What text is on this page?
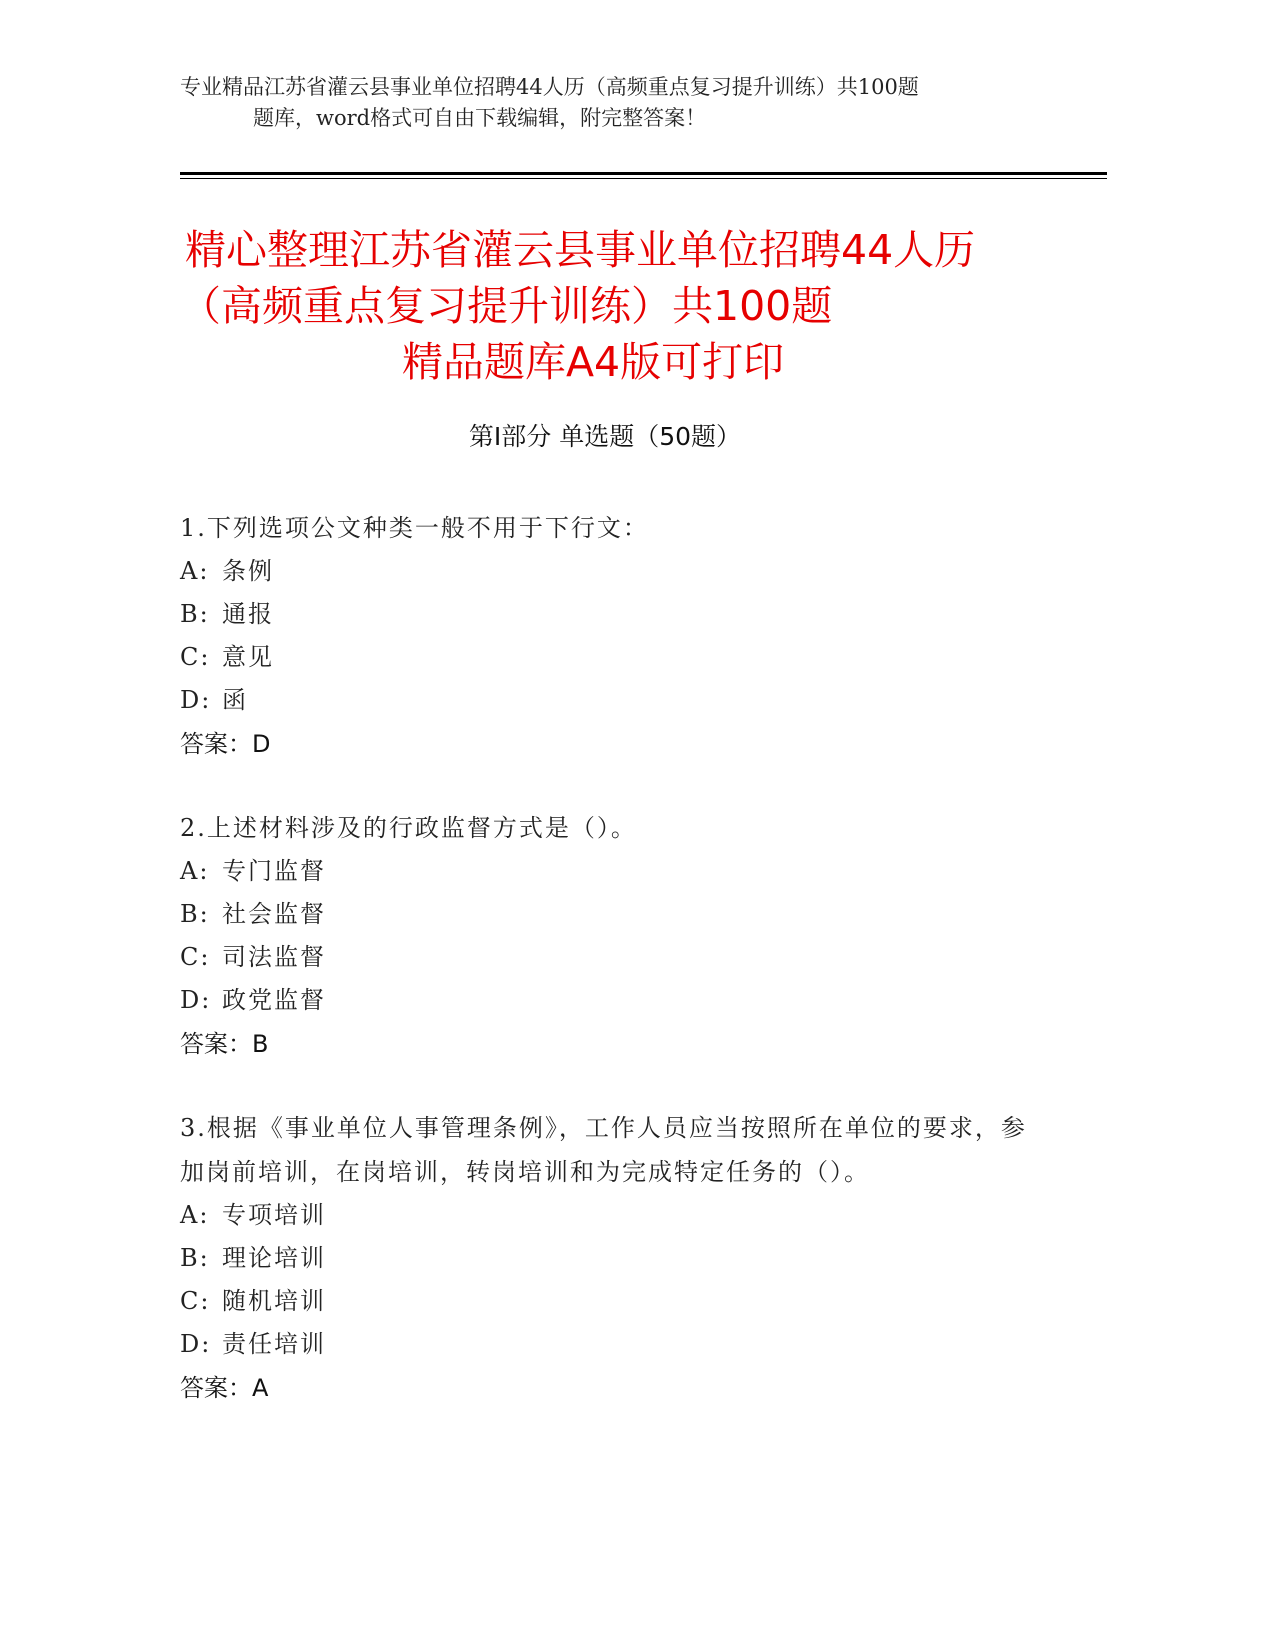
专业精品江苏省灌云县事业单位招聘44人历（高频重点复习提升训练）共100题
题库，word格式可自由下载编辑，附完整答案！
精心整理江苏省灌云县事业单位招聘44人历
（高频重点复习提升训练）共100题
精品题库A4版可打印
第Ⅰ部分 单选题（50题）
1.下列选项公文种类一般不用于下行文：
A: 条例
B: 通报
C: 意见
D: 函
答案：D
2.上述材料涉及的行政监督方式是（）。
A: 专门监督
B: 社会监督
C: 司法监督
D: 政党监督
答案：B
3.根据《事业单位人事管理条例》，工作人员应当按照所在单位的要求，参加岗前培训，在岗培训，转岗培训和为完成特定任务的（）。
A: 专项培训
B: 理论培训
C: 随机培训
D: 责任培训
答案：A
